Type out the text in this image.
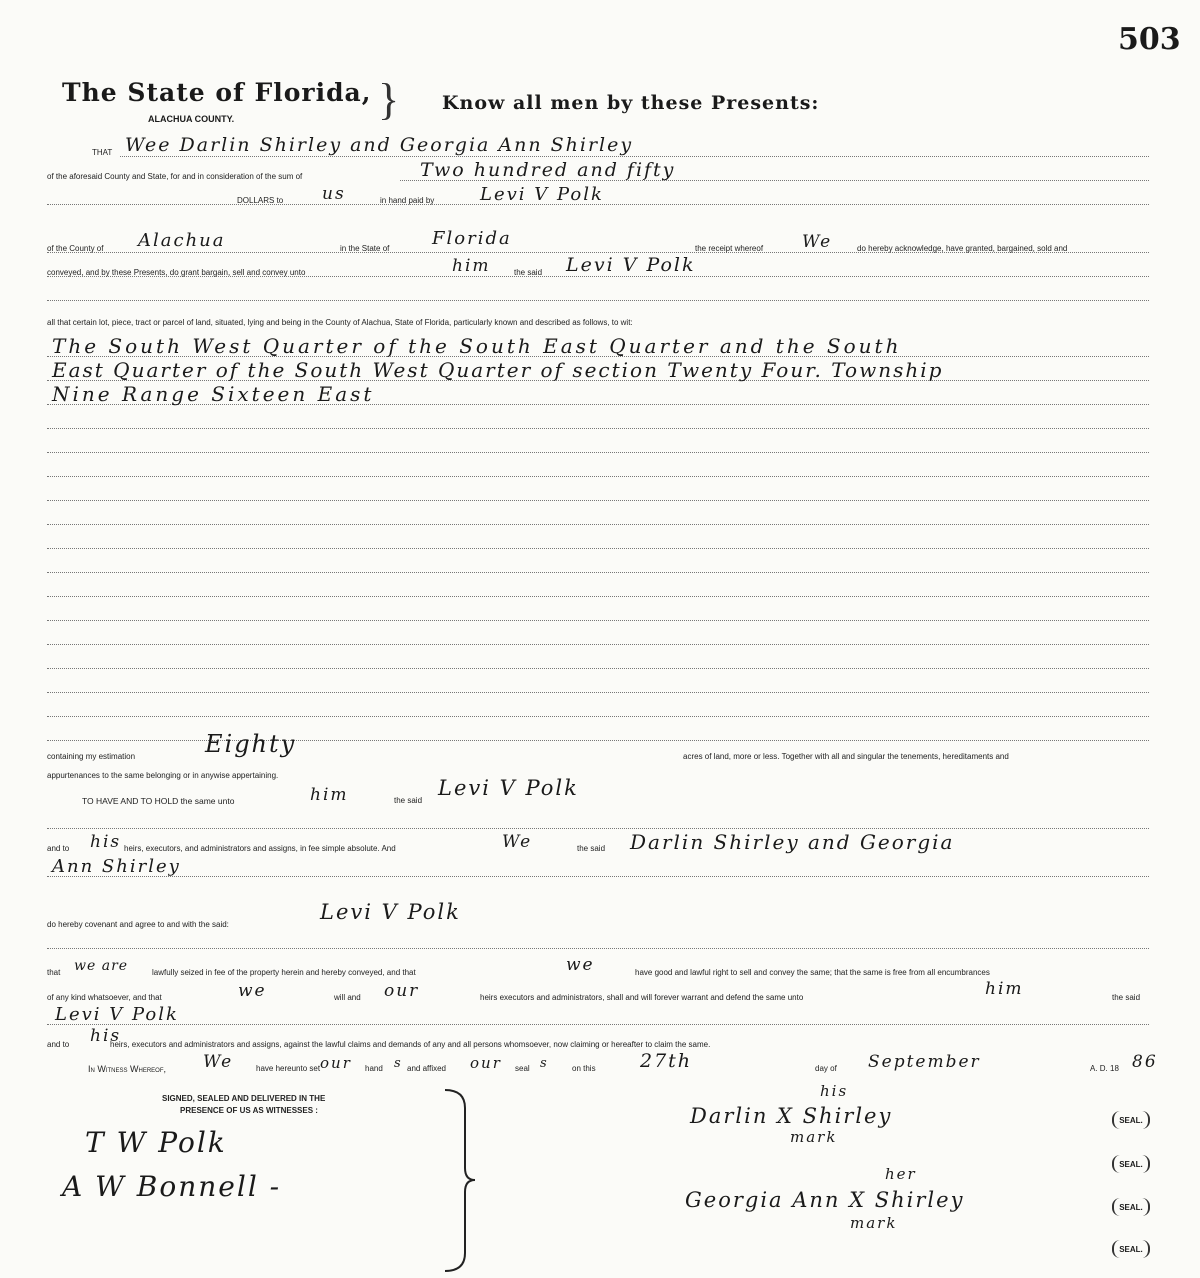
503
The State of Florida, }
ALACHUA COUNTY.
Know all men by these Presents:
THAT
of the aforesaid County and State, for and in consideration of the sum of
DOLLARS to	in hand paid by
of the County of	in the State of	the receipt whereof	do hereby acknowledge, have granted, bargained, sold and
conveyed, and by these Presents, do grant bargain, sell and convey unto	the said
all that certain lot, piece, tract or parcel of land, situated, lying and being in the County of Alachua, State of Florida, particularly known and described as follows, to wit:
containing my estimation	acres of land, more or less. Together with all and singular the tenements, hereditaments and
appurtenances to the same belonging or in anywise appertaining.
TO HAVE AND TO HOLD the same unto	the said
and to	heirs, executors, and administrators and assigns, in fee simple absolute. And	the said
do hereby covenant and agree to and with the said:
that	lawfully seized in fee of the property herein and hereby conveyed, and that	have good and lawful right to sell and convey the same; that the same is free from all encumbrances
of any kind whatsoever, and that	will and	heirs executors and administrators, shall and will forever warrant and defend the same unto	the said
and to	heirs, executors and administrators and assigns, against the lawful claims and demands of any and all persons whomsoever, now claiming or hereafter to claim the same.
In Witness Whereof,	have hereunto set	hand	and affixed	seal	on this	day of	A. D. 18
SIGNED, SEALED AND DELIVERED IN THE
PRESENCE OF US AS WITNESSES :
Wee Darlin Shirley and Georgia Ann Shirley
Two hundred and fifty
us	Levi V Polk
Alachua	Florida	We
him	Levi V Polk
The South West Quarter of the South East Quarter and the South
East Quarter of the South West Quarter of section Twenty Four. Township
Nine Range Sixteen East
Eighty
him	Levi V Polk
his	We	Darlin Shirley and Georgia
Ann Shirley
Levi V Polk
we are	we
we	our	him
Levi V Polk
his
We	our	s	our	s	27th	September	86
T W Polk
A W Bonnell -
his
Darlin X Shirley
mark
her
Georgia Ann X Shirley
mark
SEAL.
SEAL.
SEAL.
SEAL.
